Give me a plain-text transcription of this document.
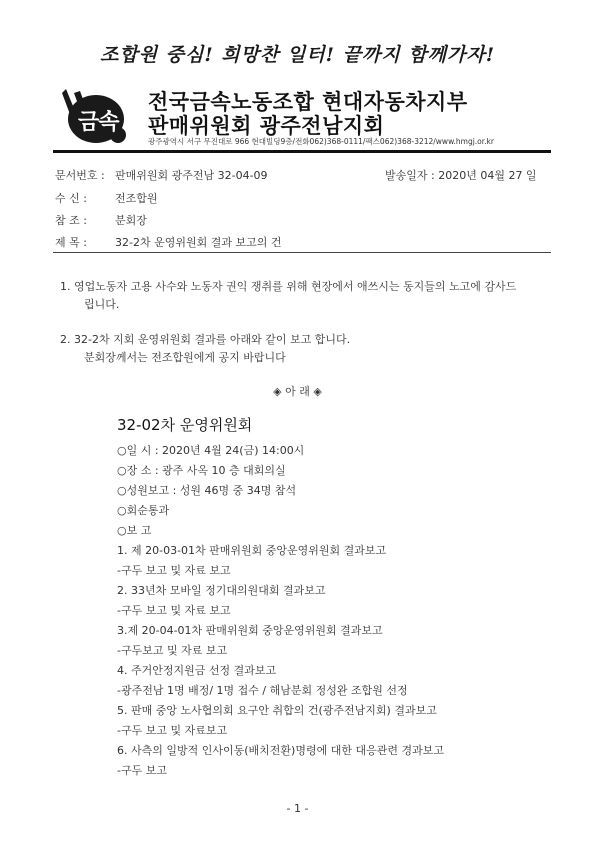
조합원 중심! 희망찬 일터! 끝까지 함께가자!
금속
전국금속노동조합 현대자동차지부
판매위원회 광주전남지회
광주광역시 서구 무진대로 966 현대빌딩9층/전화062)368-0111/팩스062)368-3212/www.hmgj.or.kr
문서번호 : 판매위원회 광주전남 32-04-09	발송일자 : 2020년 04월 27 일
수 신 :	전조합원
참 조 :	분회장
제 목 :	32-2차 운영위원회 결과 보고의 건
1. 영업노동자 고용 사수와 노동자 권익 쟁취를 위해 현장에서 애쓰시는 동지들의 노고에 감사드
립니다.
2. 32-2차 지회 운영위원회 결과를 아래와 같이 보고 합니다.
분회장께서는 전조합원에게 공지 바랍니다
◈ 아 래 ◈
32-02차 운영위원회
○일 시 : 2020년 4월 24(금) 14:00시
○장 소 : 광주 사옥 10 층 대회의실
○성원보고 : 성원 46명 중 34명 참석
○회순통과
○보 고
1. 제 20-03-01차 판매위원회 중앙운영위원회 결과보고
-구두 보고 및 자료 보고
2. 33년차 모바일 정기대의원대회 결과보고
-구두 보고 및 자료 보고
3.제 20-04-01차 판매위원회 중앙운영위원회 결과보고
-구두보고 및 자료 보고
4. 주거안정지원금 선정 결과보고
-광주전남 1명 배정/ 1명 접수 / 해남분회 정성완 조합원 선정
5. 판매 중앙 노사협의회 요구안 취합의 건(광주전남지회) 결과보고
-구두 보고 및 자료보고
6. 사측의 일방적 인사이동(배치전환)명령에 대한 대응관련 경과보고
-구두 보고
- 1 -
